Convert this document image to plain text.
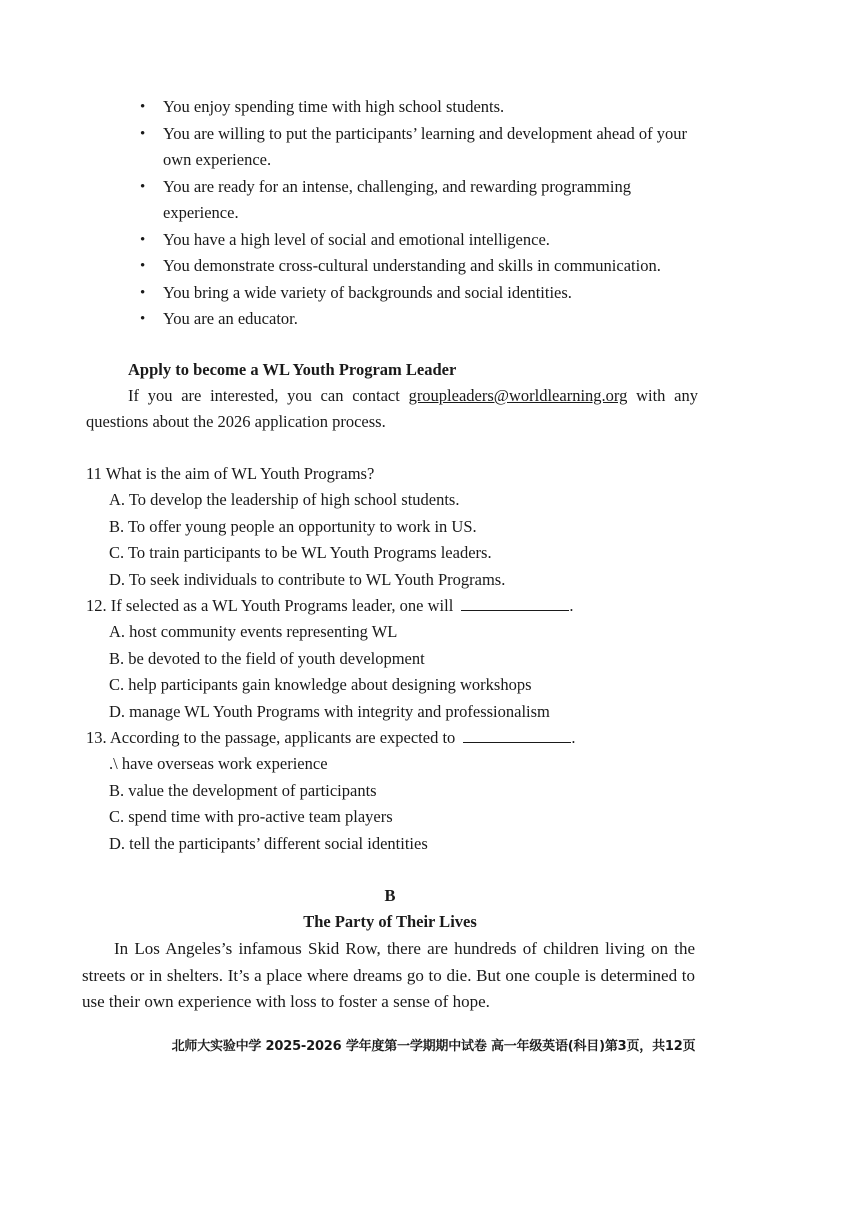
• You enjoy spending time with high school students.
• You are willing to put the participants’ learning and development ahead of your own experience.
• You are ready for an intense, challenging, and rewarding programming experience.
• You have a high level of social and emotional intelligence.
• You demonstrate cross-cultural understanding and skills in communication.
• You bring a wide variety of backgrounds and social identities.
• You are an educator.
Apply to become a WL Youth Program Leader

If you are interested, you can contact groupleaders@worldlearning.org with any questions about the 2026 application process.

11 What is the aim of WL Youth Programs?
A. To develop the leadership of high school students.
B. To offer young people an opportunity to work in US.
C. To train participants to be WL Youth Programs leaders.
D. To seek individuals to contribute to WL Youth Programs.
12. If selected as a WL Youth Programs leader, one will	.
A. host community events representing WL
B. be devoted to the field of youth development
C. help participants gain knowledge about designing workshops
D. manage WL Youth Programs with integrity and professionalism
13. According to the passage, applicants are expected to	.
.\ have overseas work experience
B. value the development of participants
C. spend time with pro-active team players
D. tell the participants’ different social identities
B
The Party of Their Lives

In Los Angeles’s infamous Skid Row, there are hundreds of children living on the streets or in shelters. It’s a place where dreams go to die. But one couple is determined to use their own experience with loss to foster a sense of hope.

北师大实验中学 2025-2026 学年度第一学期期中试卷 高一年级英语(科目)第3页，共12页
